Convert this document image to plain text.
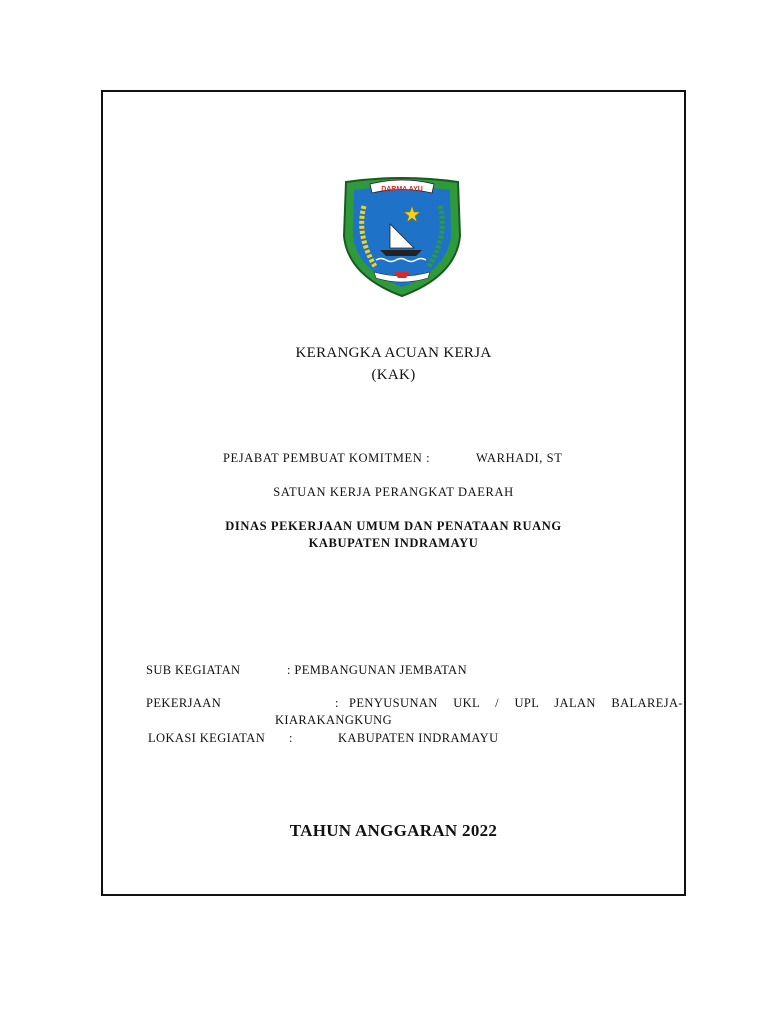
DARMA AYU
KERANGKA ACUAN KERJA
(KAK)
PEJABAT PEMBUAT KOMITMEN :	WARHADI, ST
SATUAN KERJA PERANGKAT DAERAH
DINAS PEKERJAAN UMUM DAN PENATAAN RUANG
KABUPATEN INDRAMAYU
SUB KEGIATAN	: PEMBANGUNAN JEMBATAN
PEKERJAAN	: PENYUSUNAN UKL / UPL JALAN BALAREJA-
KIARAKANGKUNG
LOKASI KEGIATAN :	KABUPATEN INDRAMAYU
TAHUN ANGGARAN 2022
